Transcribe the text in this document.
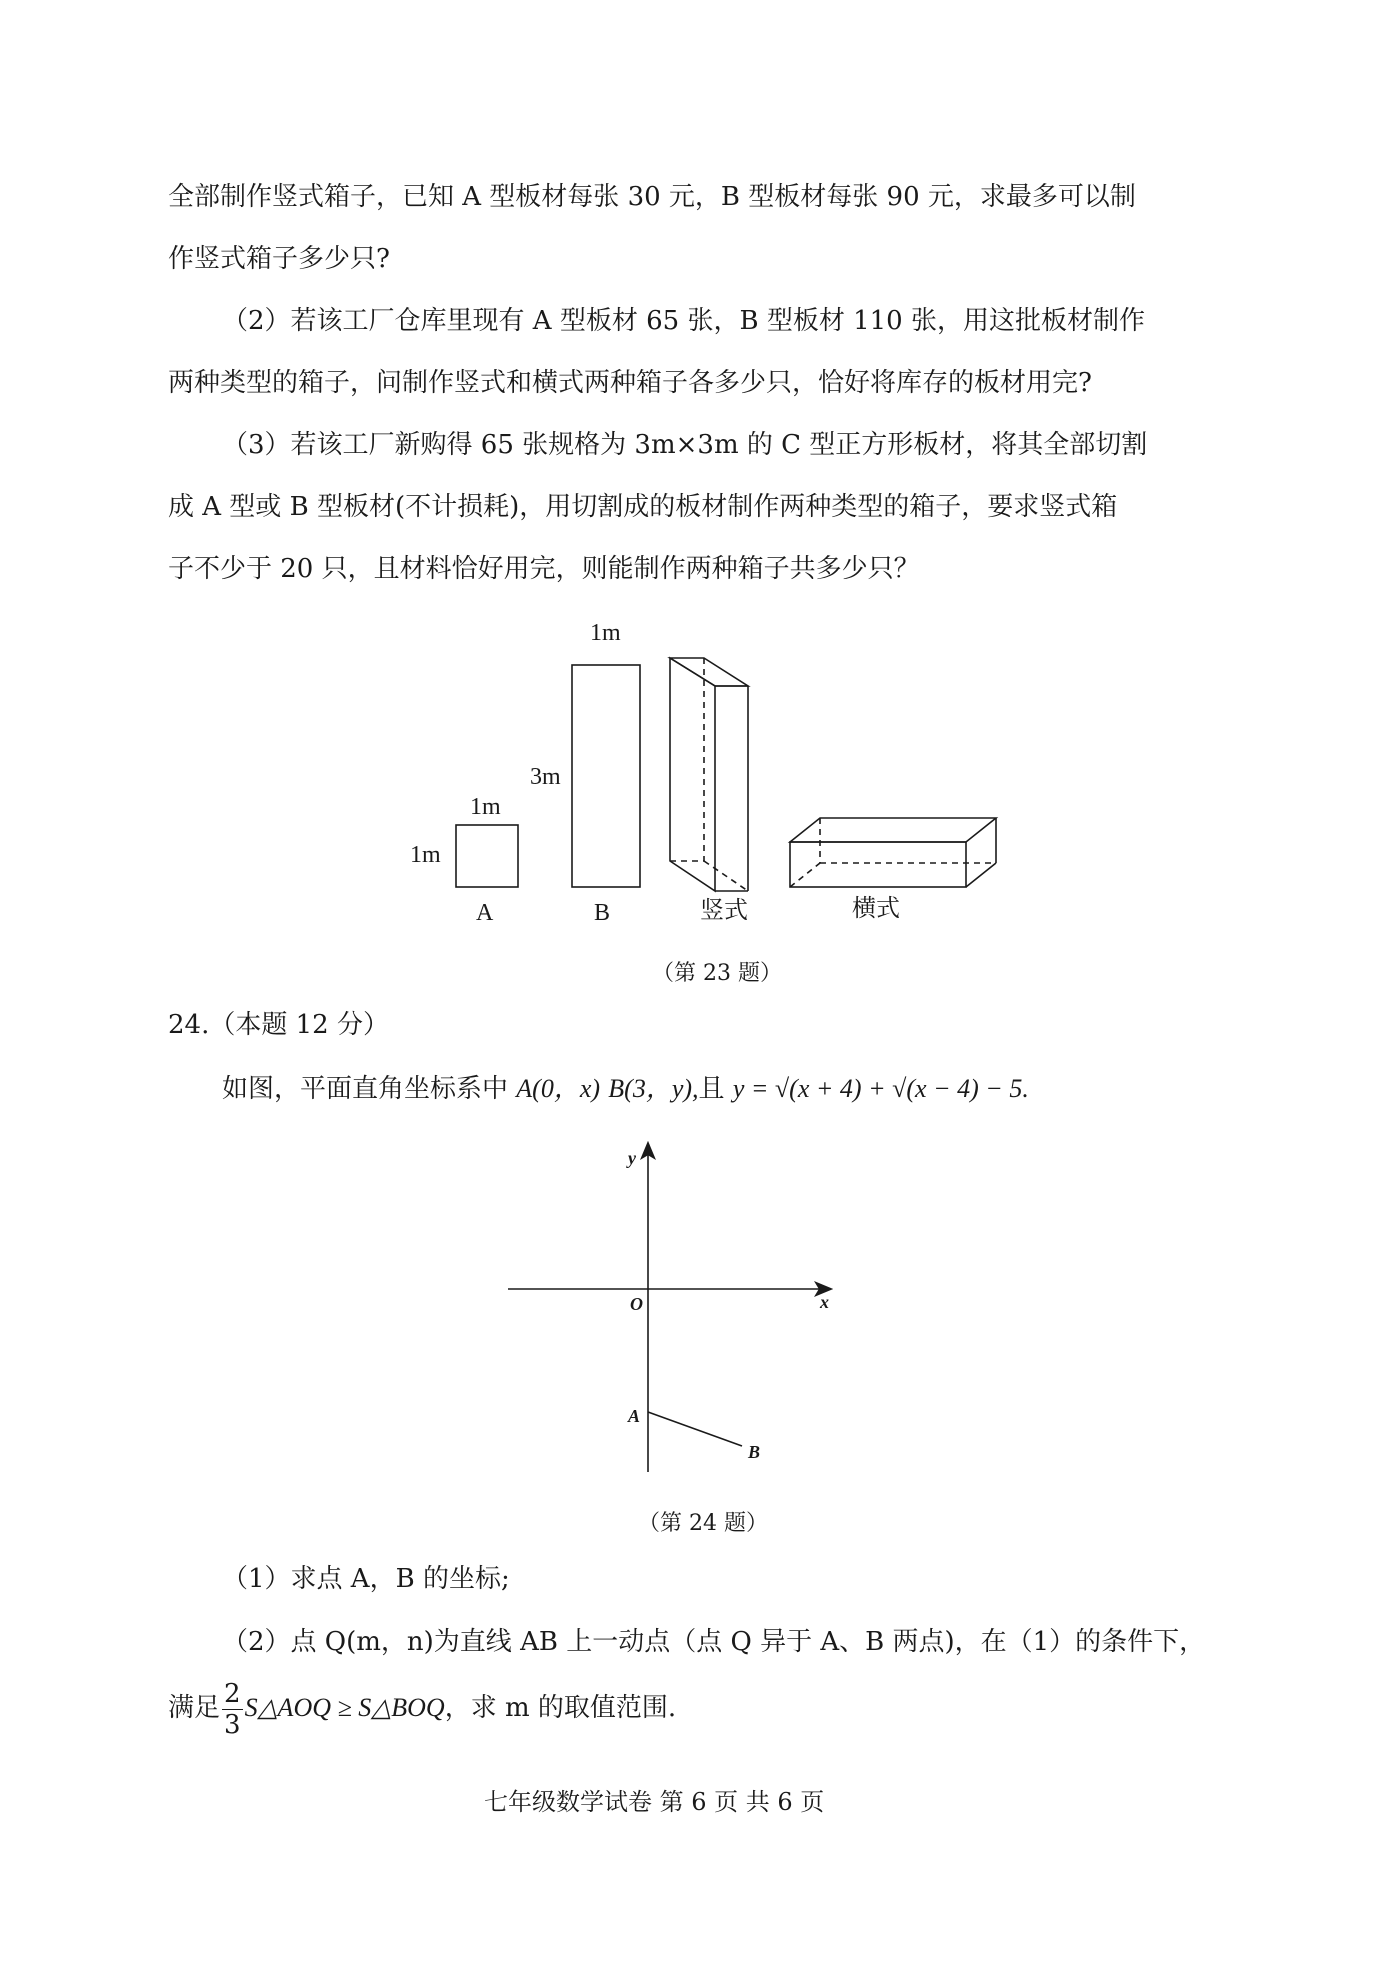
全部制作竖式箱子，已知 A 型板材每张 30 元，B 型板材每张 90 元，求最多可以制
作竖式箱子多少只?
（2）若该工厂仓库里现有 A 型板材 65 张，B 型板材 110 张，用这批板材制作
两种类型的箱子，问制作竖式和横式两种箱子各多少只，恰好将库存的板材用完?
（3）若该工厂新购得 65 张规格为 3m×3m 的 C 型正方形板材，将其全部切割
成 A 型或 B 型板材(不计损耗)，用切割成的板材制作两种类型的箱子，要求竖式箱
子不少于 20 只，且材料恰好用完，则能制作两种箱子共多少只？
1m
1m
A
1m
3m
B	竖式	横式
（第 23 题）
24.（本题 12 分）
如图，平面直角坐标系中 A(0，x) B(3，y),且 y = √(x + 4) + √(x − 4) − 5.
y
x
O
A
B
（第 24 题）
（1）求点 A，B 的坐标;
（2）点 Q(m，n)为直线 AB 上一动点（点 Q 异于 A、B 两点)，在（1）的条件下，
满足 $\frac{2}{3}$ S△AOQ ≥ S△BOQ，求 m 的取值范围.
七年级数学试卷 第 6 页 共 6 页
